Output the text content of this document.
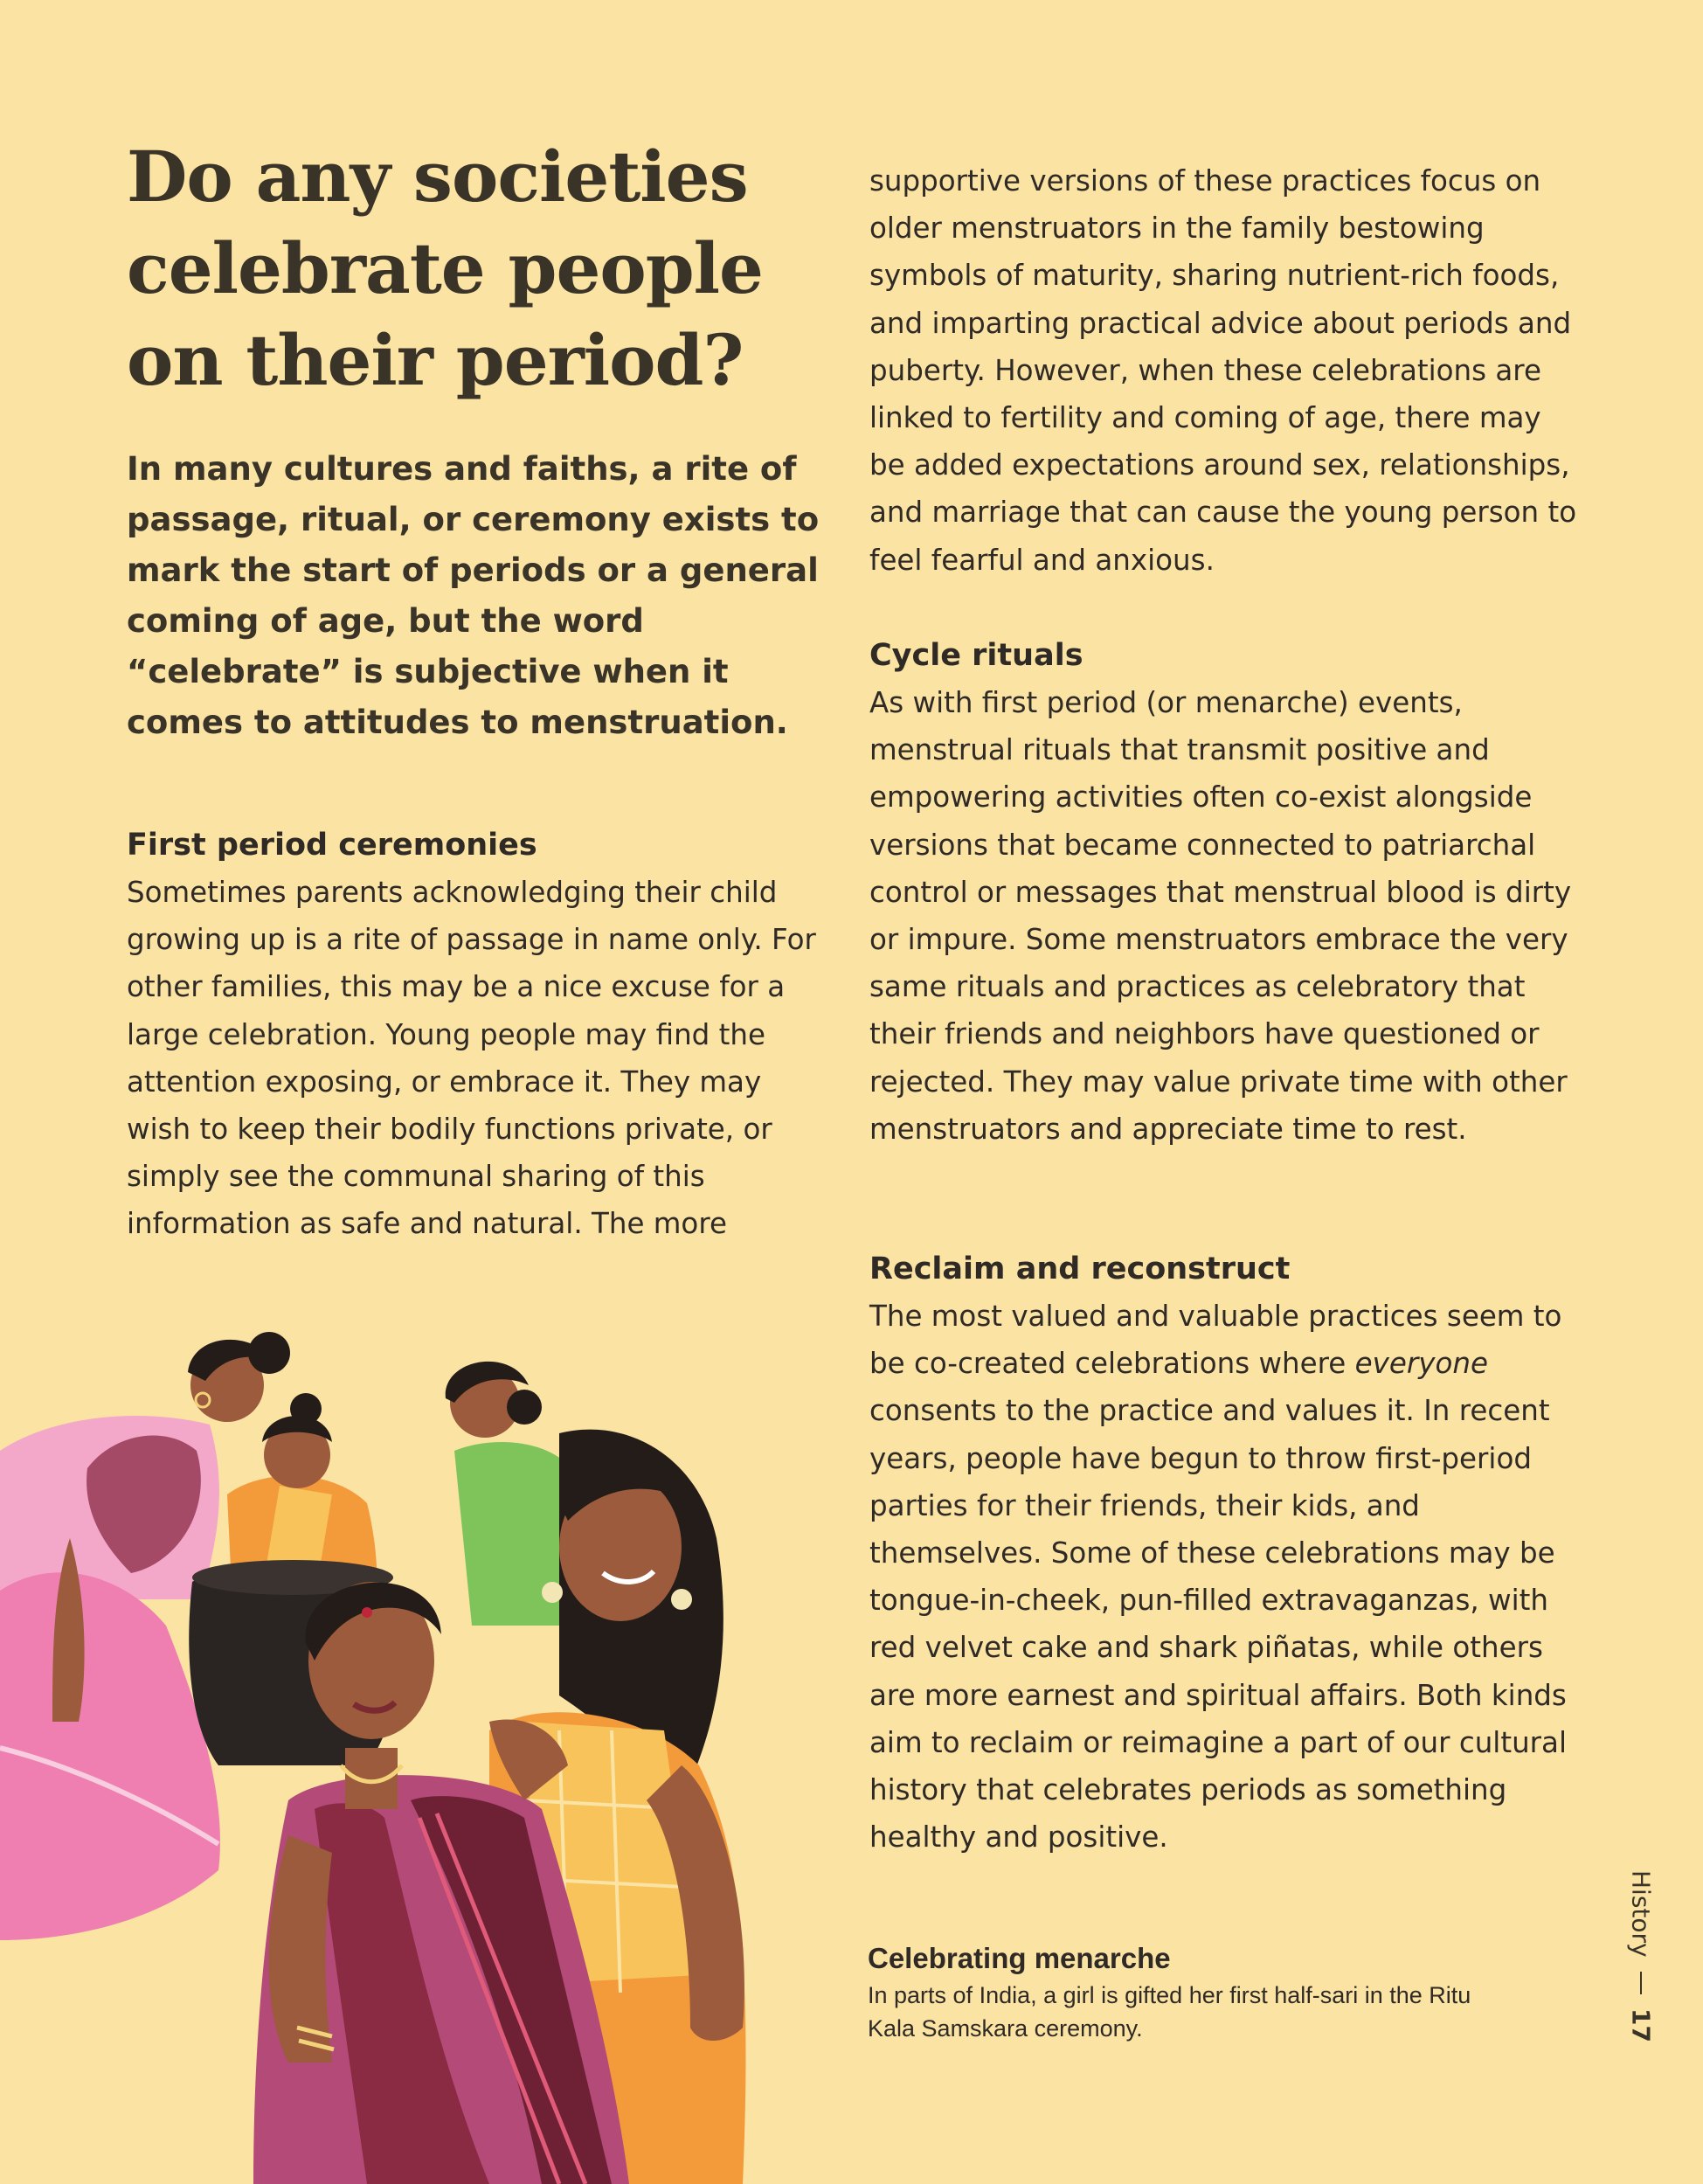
Do any societies celebrate people on their period?

In many cultures and faiths, a rite of passage, ritual, or ceremony exists to mark the start of periods or a general coming of age, but the word “celebrate” is subjective when it comes to attitudes to menstruation.

First period ceremonies

Sometimes parents acknowledging their child growing up is a rite of passage in name only. For other families, this may be a nice excuse for a large celebration. Young people may find the attention exposing, or embrace it. They may wish to keep their bodily functions private, or simply see the communal sharing of this information as safe and natural. The more

supportive versions of these practices focus on older menstruators in the family bestowing symbols of maturity, sharing nutrient-rich foods, and imparting practical advice about periods and puberty. However, when these celebrations are linked to fertility and coming of age, there may be added expectations around sex, relationships, and marriage that can cause the young person to feel fearful and anxious.

Cycle rituals

As with first period (or menarche) events, menstrual rituals that transmit positive and empowering activities often co-exist alongside versions that became connected to patriarchal control or messages that menstrual blood is dirty or impure. Some menstruators embrace the very same rituals and practices as celebratory that their friends and neighbors have questioned or rejected. They may value private time with other menstruators and appreciate time to rest.

Reclaim and reconstruct

The most valued and valuable practices seem to be co-created celebrations where everyone consents to the practice and values it. In recent years, people have begun to throw first-period parties for their friends, their kids, and themselves. Some of these celebrations may be tongue-in-cheek, pun-filled extravaganzas, with red velvet cake and shark piñatas, while others are more earnest and spiritual affairs. Both kinds aim to reclaim or reimagine a part of our cultural history that celebrates periods as something healthy and positive.

Celebrating menarche

In parts of India, a girl is gifted her first half-sari in the Ritu Kala Samskara ceremony.

History
17
